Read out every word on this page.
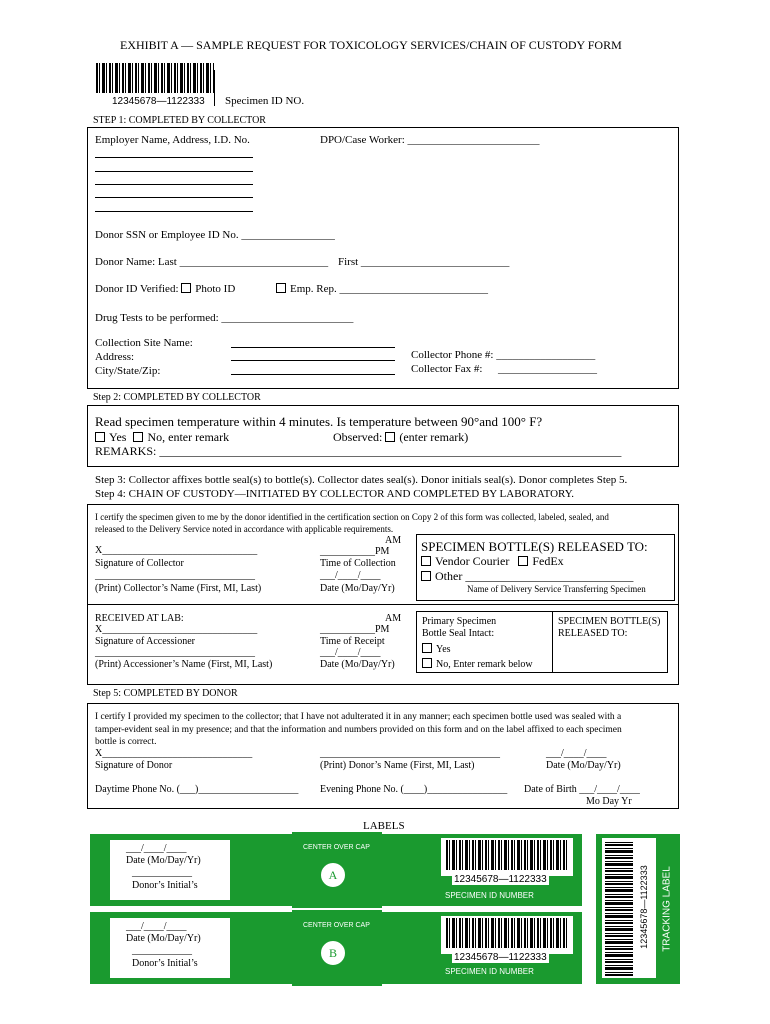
EXHIBIT A — SAMPLE REQUEST FOR TOXICOLOGY SERVICES/CHAIN OF CUSTODY FORM
12345678—1122333 Specimen ID NO.
STEP 1: COMPLETED BY COLLECTOR
Employer Name, Address, I.D. No.	DPO/Case Worker: ________________________
Donor SSN or Employee ID No. _________________
Donor Name: Last ___________________________ First ___________________________
Donor ID Verified: Photo ID	Emp. Rep. ___________________________
Drug Tests to be performed: ________________________
Collection Site Name:
Address:
City/State/Zip:
Collector Phone #: __________________
Collector Fax #: __________________
Step 2: COMPLETED BY COLLECTOR
Read specimen temperature within 4 minutes. Is temperature between 90°and 100° F?
Yes No, enter remark	Observed: (enter remark)
REMARKS: _____________________________________________________________________________
Step 3: Collector affixes bottle seal(s) to bottle(s). Collector dates seal(s). Donor initials seal(s). Donor completes Step 5.
Step 4: CHAIN OF CUSTODY—INITIATED BY COLLECTOR AND COMPLETED BY LABORATORY.
I certify the specimen given to me by the donor identified in the certification section on Copy 2 of this form was collected, labeled, sealed, and
released to the Delivery Service noted in accordance with applicable requirements.
X_______________________________
Signature of Collector
________________________________
(Print) Collector’s Name (First, MI, Last)
AM
___________PM
Time of Collection
___/____/____
Date (Mo/Day/Yr)
SPECIMEN BOTTLE(S) RELEASED TO:
Vendor Courier FedEx
Other ____________________________
Name of Delivery Service Transferring Specimen
RECEIVED AT LAB:
X_______________________________
Signature of Accessioner
________________________________
(Print) Accessioner’s Name (First, MI, Last)
AM
___________PM
Time of Receipt
___/____/____
Date (Mo/Day/Yr)
Primary Specimen
Bottle Seal Intact:
Yes
No, Enter remark below
SPECIMEN BOTTLE(S)
RELEASED TO:
Step 5: COMPLETED BY DONOR
I certify I provided my specimen to the collector; that I have not adulterated it in any manner; each specimen bottle used was sealed with a
tamper-evident seal in my presence; and that the information and numbers provided on this form and on the label affixed to each specimen
bottle is correct.
X______________________________
Signature of Donor
____________________________________
(Print) Donor’s Name (First, MI, Last)
___/____/____
Date (Mo/Day/Yr)
Daytime Phone No. (___)____________________ Evening Phone No. (____)________________ Date of Birth ___/____/____
Mo Day Yr
LABELS
___/____/____
Date (Mo/Day/Yr)
____________
Donor’s Initial’s
CENTER OVER CAP
A	12345678—1122333
SPECIMEN ID NUMBER
___/____/____
Date (Mo/Day/Yr)
____________
Donor’s Initial’s
CENTER OVER CAP
B	12345678—1122333
SPECIMEN ID NUMBER
12345678—1122333 TRACKING LABEL
